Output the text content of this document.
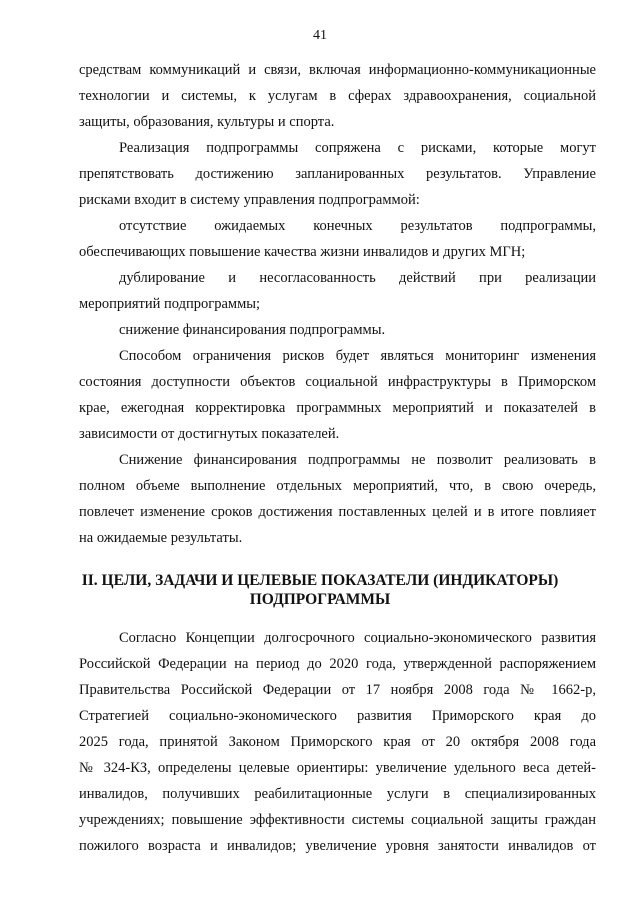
41
средствам коммуникаций и связи, включая информационно-коммуникационные
технологии и системы, к услугам в сферах здравоохранения, социальной
защиты, образования, культуры и спорта.
Реализация подпрограммы сопряжена с рисками, которые могут
препятствовать достижению запланированных результатов. Управление
рисками входит в систему управления подпрограммой:
отсутствие ожидаемых конечных результатов подпрограммы,
обеспечивающих повышение качества жизни инвалидов и других МГН;
дублирование и несогласованность действий при реализации
мероприятий подпрограммы;
снижение финансирования подпрограммы.
Способом ограничения рисков будет являться мониторинг изменения
состояния доступности объектов социальной инфраструктуры в Приморском
крае, ежегодная корректировка программных мероприятий и показателей в
зависимости от достигнутых показателей.
Снижение финансирования подпрограммы не позволит реализовать в
полном объеме выполнение отдельных мероприятий, что, в свою очередь,
повлечет изменение сроков достижения поставленных целей и в итоге повлияет
на ожидаемые результаты.
II. ЦЕЛИ, ЗАДАЧИ И ЦЕЛЕВЫЕ ПОКАЗАТЕЛИ (ИНДИКАТОРЫ)
ПОДПРОГРАММЫ
Согласно Концепции долгосрочного социально-экономического развития
Российской Федерации на период до 2020 года, утвержденной распоряжением
Правительства Российской Федерации от 17 ноября 2008 года № 1662-р,
Стратегией социально-экономического развития Приморского края до
2025 года, принятой Законом Приморского края от 20 октября 2008 года
№ 324-КЗ, определены целевые ориентиры: увеличение удельного веса детей-
инвалидов, получивших реабилитационные услуги в специализированных
учреждениях; повышение эффективности системы социальной защиты граждан
пожилого возраста и инвалидов; увеличение уровня занятости инвалидов от
